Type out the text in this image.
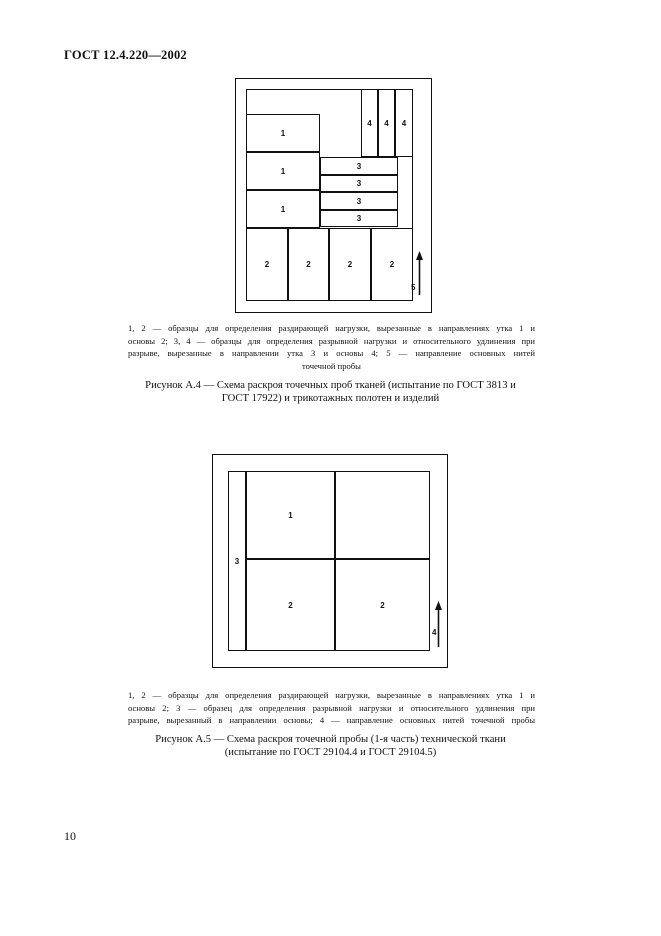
ГОСТ 12.4.220—2002
1
1
1
4	4	4
3
3
3
3
2	2	2	2
5
1, 2 — образцы для определения раздирающей нагрузки, вырезанные в направлениях утка 1 и
основы 2; 3, 4 — образцы для определения разрывной нагрузки и относительного удлинения при
разрыве, вырезанные в направлении утка 3 и основы 4; 5 — направление основных нитей
точечной пробы
Рисунок А.4 — Схема раскроя точечных проб тканей (испытание по ГОСТ 3813 и
ГОСТ 17922) и трикотажных полотен и изделий
3
1
2	2
4
1, 2 — образцы для определения раздирающей нагрузки, вырезанные в направлениях утка 1 и
основы 2; 3 — образец для определения разрывной нагрузки и относительного удлинения при
разрыве, вырезанный в направлении основы; 4 — направление основных нитей точечной пробы
Рисунок А.5 — Схема раскроя точечной пробы (1-я часть) технической ткани
(испытание по ГОСТ 29104.4 и ГОСТ 29104.5)
10
